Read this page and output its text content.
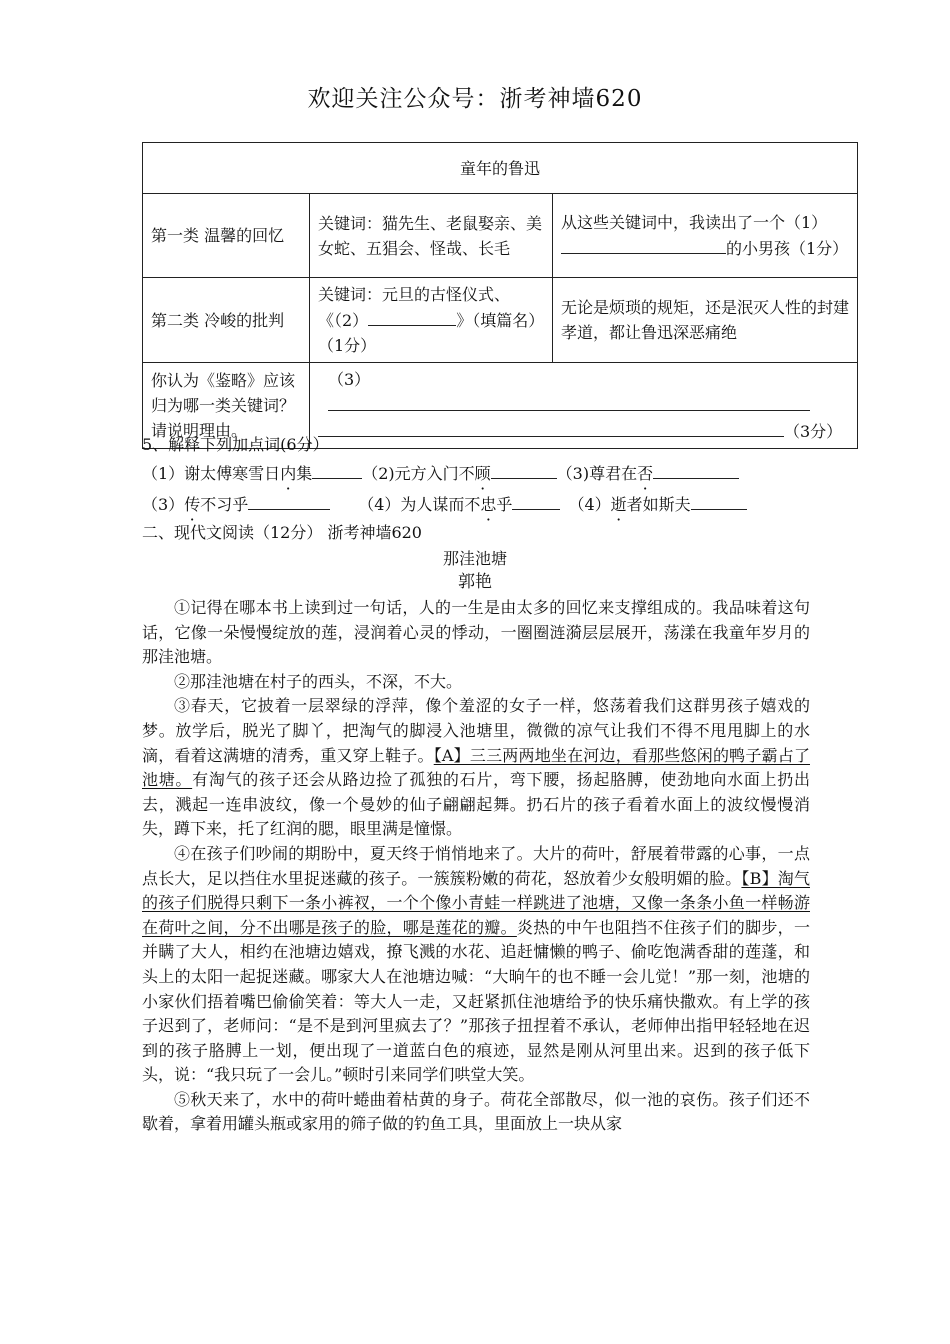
欢迎关注公众号：浙考神墙620
童年的鲁迅		
第一类 温馨的回忆	关键词：猫先生、老鼠娶亲、美女蛇、五猖会、怪哉、长毛	从这些关键词中，我读出了一个（1）
的小男孩（1分）
第二类 冷峻的批判	关键词：元旦的古怪仪式、《（2） 》（填篇名）（1分）	无论是烦琐的规矩，还是泯灭人性的封建孝道，都让鲁迅深恶痛绝
你认为《鉴略》应该归为哪一类关键词？请说明理由。	（3）
（3分）	
5、解释下列加点词(6分）
（1）谢太傅寒雪日内集	（2)元方入门不顾	（3)尊君在否
（3）传不习乎	（4）为人谋而不忠乎	（4）逝者如斯夫
二、现代文阅读（12分） 浙考神墙620
那洼池塘
郭艳

①记得在哪本书上读到过一句话，人的一生是由太多的回忆来支撑组成的。我品味着这句话，它像一朵慢慢绽放的莲，浸润着心灵的悸动，一圈圈涟漪层层展开，荡漾在我童年岁月的那洼池塘。

②那洼池塘在村子的西头，不深，不大。

③春天，它披着一层翠绿的浮萍，像个羞涩的女子一样，悠荡着我们这群男孩子嬉戏的梦。放学后，脱光了脚丫，把淘气的脚浸入池塘里，微微的凉气让我们不得不甩甩脚上的水滴，看着这满塘的清秀，重又穿上鞋子。【A】三三两两地坐在河边，看那些悠闲的鸭子霸占了池塘。有淘气的孩子还会从路边捡了孤独的石片，弯下腰，扬起胳膊，使劲地向水面上扔出去，溅起一连串波纹，像一个曼妙的仙子翩翩起舞。扔石片的孩子看着水面上的波纹慢慢消失，蹲下来，托了红润的腮，眼里满是憧憬。

④在孩子们吵闹的期盼中，夏天终于悄悄地来了。大片的荷叶，舒展着带露的心事，一点点长大，足以挡住水里捉迷藏的孩子。一簇簇粉嫩的荷花，怒放着少女般明媚的脸。【B】淘气的孩子们脱得只剩下一条小裤衩，一个个像小青蛙一样跳进了池塘，又像一条条小鱼一样畅游在荷叶之间，分不出哪是孩子的脸，哪是莲花的瓣。炎热的中午也阻挡不住孩子们的脚步，一并瞒了大人，相约在池塘边嬉戏，撩飞溅的水花、追赶慵懒的鸭子、偷吃饱满香甜的莲蓬，和头上的太阳一起捉迷藏。哪家大人在池塘边喊：“大晌午的也不睡一会儿觉！”那一刻，池塘的小家伙们捂着嘴巴偷偷笑着：等大人一走，又赶紧抓住池塘给予的快乐痛快撒欢。有上学的孩子迟到了，老师问：“是不是到河里疯去了？”那孩子扭捏着不承认，老师伸出指甲轻轻地在迟到的孩子胳膊上一划，便出现了一道蓝白色的痕迹，显然是刚从河里出来。迟到的孩子低下头，说：“我只玩了一会儿。”顿时引来同学们哄堂大笑。

⑤秋天来了，水中的荷叶蜷曲着枯黄的身子。荷花全部散尽，似一池的哀伤。孩子们还不歇着，拿着用罐头瓶或家用的筛子做的钓鱼工具，里面放上一块从家
